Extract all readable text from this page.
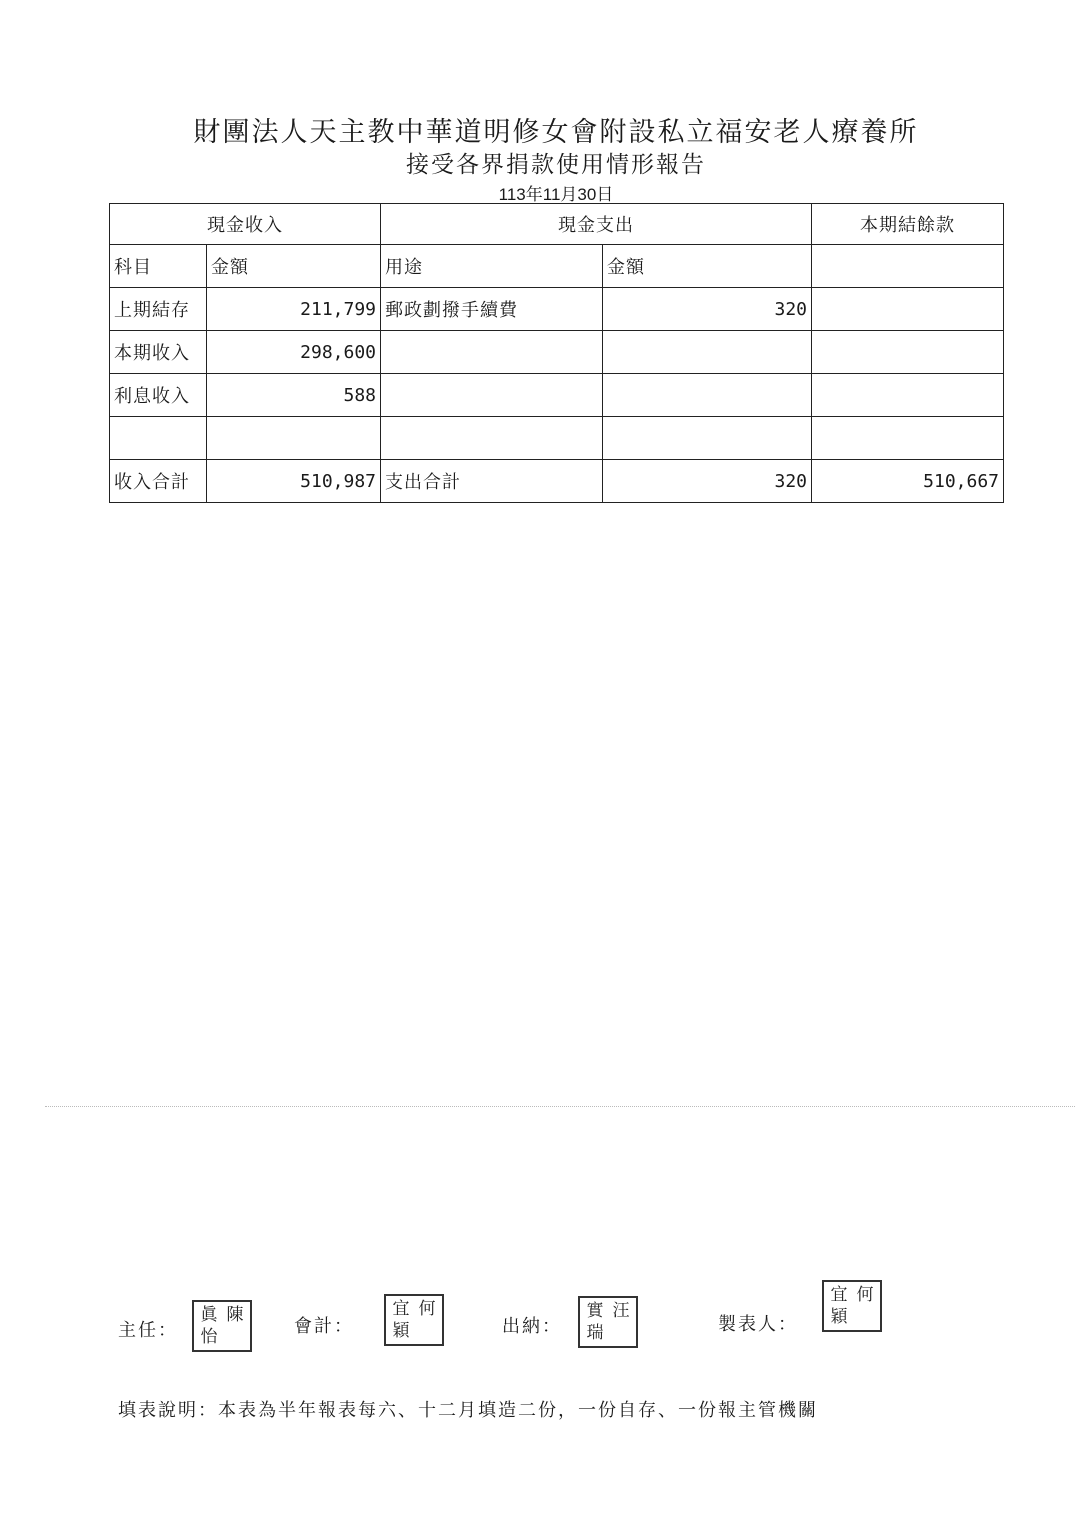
財團法人天主教中華道明修女會附設私立福安老人療養所
接受各界捐款使用情形報告
113年11月30日
現金收入		現金支出		本期結餘款
科目	金額	用途	金額	
上期結存	211,799	郵政劃撥手續費	320	
本期收入	298,600			
利息收入	588			

收入合計	510,987	支出合計	320	510,667
主任：
眞 陳
怡	會計：
宜 何
穎	出納：
實 汪
瑞	製表人：
宜 何
穎
填表說明：本表為半年報表每六、十二月填造二份，一份自存、一份報主管機關
